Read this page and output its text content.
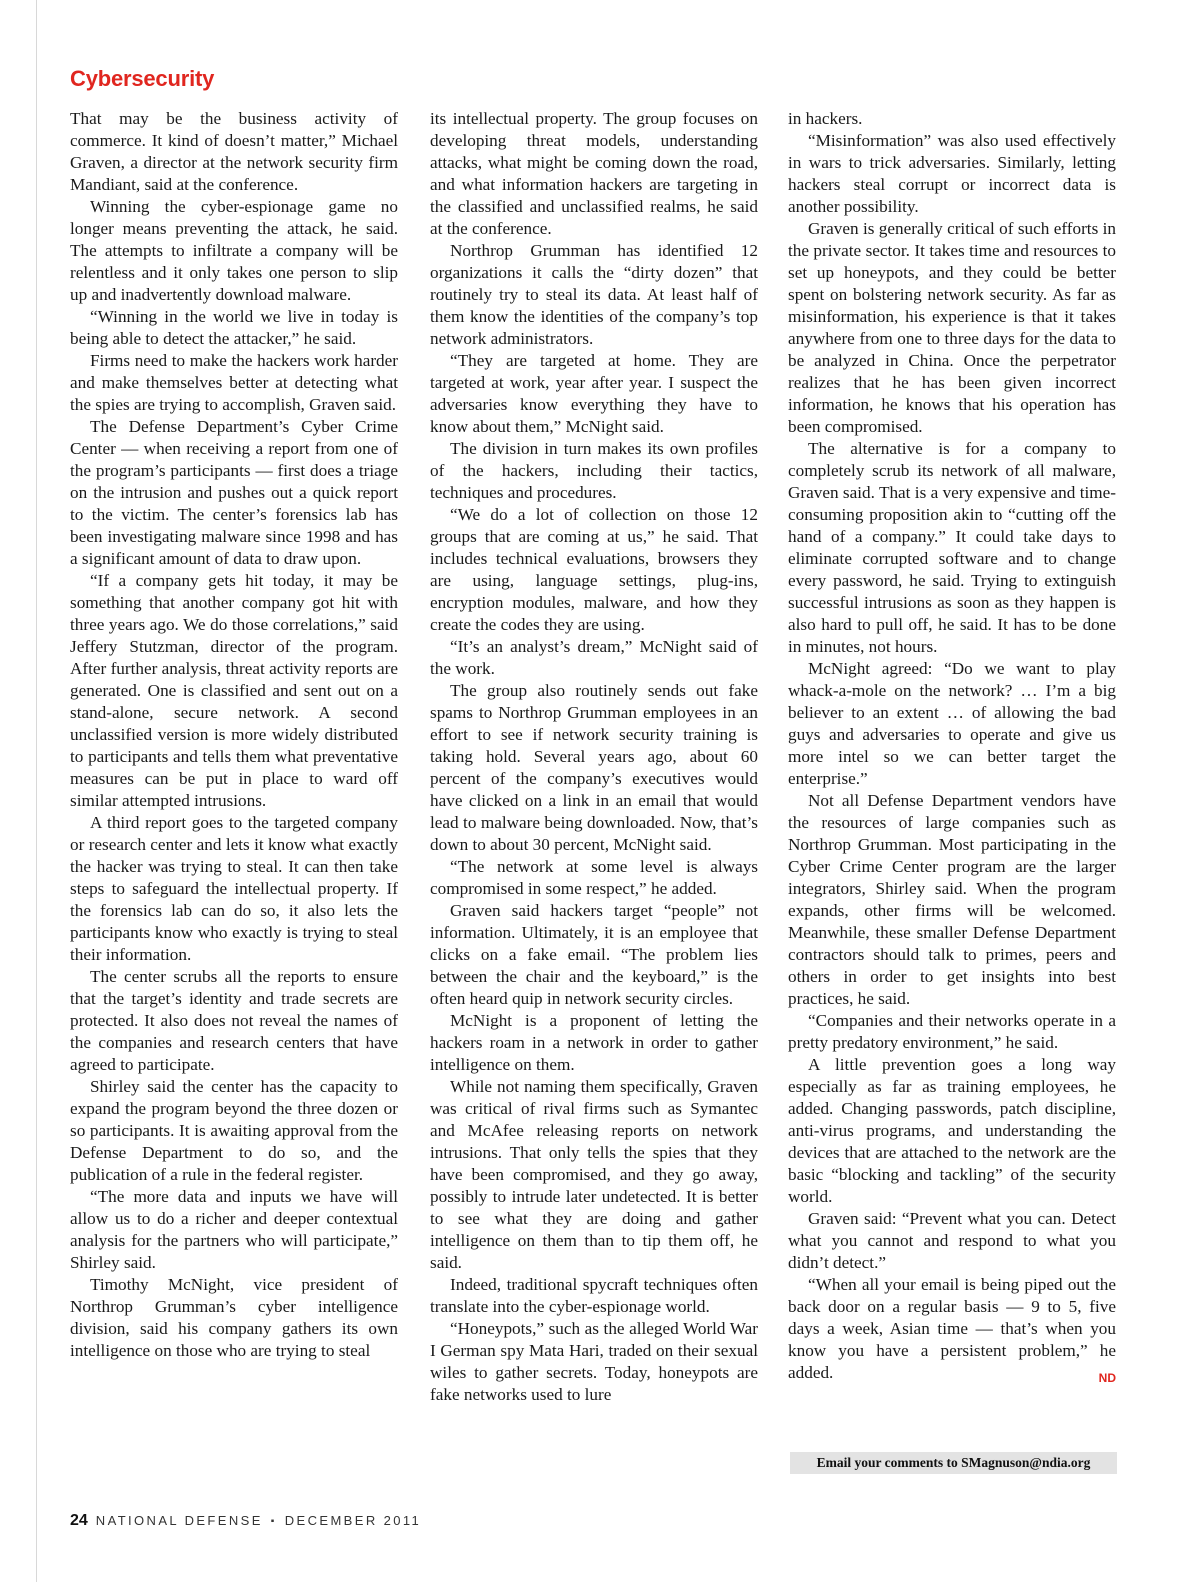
Cybersecurity

That may be the business activity of commerce. It kind of doesn’t matter,” Michael Graven, a director at the network security firm Mandiant, said at the conference.

Winning the cyber-espionage game no longer means preventing the attack, he said. The attempts to infiltrate a company will be relentless and it only takes one person to slip up and inadvertently download malware.

“Winning in the world we live in today is being able to detect the attacker,” he said.

Firms need to make the hackers work harder and make themselves better at detecting what the spies are trying to accomplish, Graven said.

The Defense Department’s Cyber Crime Center — when receiving a report from one of the program’s participants — first does a triage on the intrusion and pushes out a quick report to the victim. The center’s forensics lab has been investigating malware since 1998 and has a significant amount of data to draw upon.

“If a company gets hit today, it may be something that another company got hit with three years ago. We do those correlations,” said Jeffery Stutzman, director of the program. After further analysis, threat activity reports are generated. One is classified and sent out on a stand-alone, secure network. A second unclassified version is more widely distributed to participants and tells them what preventative measures can be put in place to ward off similar attempted intrusions.

A third report goes to the targeted company or research center and lets it know what exactly the hacker was trying to steal. It can then take steps to safeguard the intellectual property. If the forensics lab can do so, it also lets the participants know who exactly is trying to steal their information.

The center scrubs all the reports to ensure that the target’s identity and trade secrets are protected. It also does not reveal the names of the companies and research centers that have agreed to participate.

Shirley said the center has the capacity to expand the program beyond the three dozen or so participants. It is awaiting approval from the Defense Department to do so, and the publication of a rule in the federal register.

“The more data and inputs we have will allow us to do a richer and deeper contextual analysis for the partners who will participate,” Shirley said.

Timothy McNight, vice president of Northrop Grumman’s cyber intelligence division, said his company gathers its own intelligence on those who are trying to steal

its intellectual property. The group focuses on developing threat models, understanding attacks, what might be coming down the road, and what information hackers are targeting in the classified and unclassified realms, he said at the conference.

Northrop Grumman has identified 12 organizations it calls the “dirty dozen” that routinely try to steal its data. At least half of them know the identities of the company’s top network administrators.

“They are targeted at home. They are targeted at work, year after year. I suspect the adversaries know everything they have to know about them,” McNight said.

The division in turn makes its own profiles of the hackers, including their tactics, techniques and procedures.

“We do a lot of collection on those 12 groups that are coming at us,” he said. That includes technical evaluations, browsers they are using, language settings, plug-ins, encryption modules, malware, and how they create the codes they are using.

“It’s an analyst’s dream,” McNight said of the work.

The group also routinely sends out fake spams to Northrop Grumman employees in an effort to see if network security training is taking hold. Several years ago, about 60 percent of the company’s executives would have clicked on a link in an email that would lead to malware being downloaded. Now, that’s down to about 30 percent, McNight said.

“The network at some level is always compromised in some respect,” he added.

Graven said hackers target “people” not information. Ultimately, it is an employee that clicks on a fake email. “The problem lies between the chair and the keyboard,” is the often heard quip in network security circles.

McNight is a proponent of letting the hackers roam in a network in order to gather intelligence on them.

While not naming them specifically, Graven was critical of rival firms such as Symantec and McAfee releasing reports on network intrusions. That only tells the spies that they have been compromised, and they go away, possibly to intrude later undetected. It is better to see what they are doing and gather intelligence on them than to tip them off, he said.

Indeed, traditional spycraft techniques often translate into the cyber-espionage world.

“Honeypots,” such as the alleged World War I German spy Mata Hari, traded on their sexual wiles to gather secrets. Today, honeypots are fake networks used to lure

in hackers.

“Misinformation” was also used effectively in wars to trick adversaries. Similarly, letting hackers steal corrupt or incorrect data is another possibility.

Graven is generally critical of such efforts in the private sector. It takes time and resources to set up honeypots, and they could be better spent on bolstering network security. As far as misinformation, his experience is that it takes anywhere from one to three days for the data to be analyzed in China. Once the perpetrator realizes that he has been given incorrect information, he knows that his operation has been compromised.

The alternative is for a company to completely scrub its network of all malware, Graven said. That is a very expensive and time-consuming proposition akin to “cutting off the hand of a company.” It could take days to eliminate corrupted software and to change every password, he said. Trying to extinguish successful intrusions as soon as they happen is also hard to pull off, he said. It has to be done in minutes, not hours.

McNight agreed: “Do we want to play whack-a-mole on the network? … I’m a big believer to an extent … of allowing the bad guys and adversaries to operate and give us more intel so we can better target the enterprise.”

Not all Defense Department vendors have the resources of large companies such as Northrop Grumman. Most participating in the Cyber Crime Center program are the larger integrators, Shirley said. When the program expands, other firms will be welcomed. Meanwhile, these smaller Defense Department contractors should talk to primes, peers and others in order to get insights into best practices, he said.

“Companies and their networks operate in a pretty predatory environment,” he said.

A little prevention goes a long way especially as far as training employees, he added. Changing passwords, patch discipline, anti-virus programs, and understanding the devices that are attached to the network are the basic “blocking and tackling” of the security world.

Graven said: “Prevent what you can. Detect what you cannot and respond to what you didn’t detect.”

“When all your email is being piped out the back door on a regular basis — 9 to 5, five days a week, Asian time — that’s when you know you have a persistent problem,” he added.	ND

Email your comments to SMagnuson@ndia.org
24 NATIONAL DEFENSE ▪ DECEMBER 2011
